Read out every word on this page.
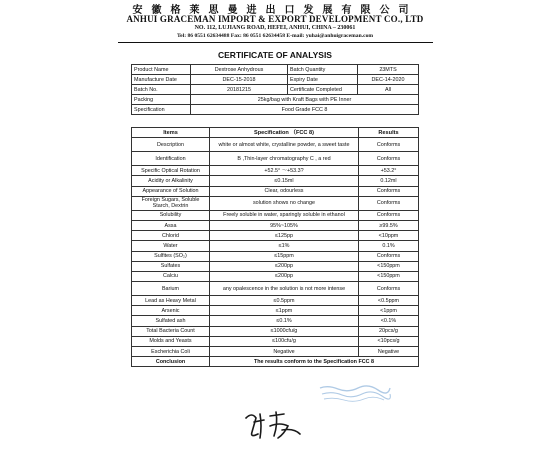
安徽格莱思曼进出口发展有限公司
ANHUI GRACEMAN IMPORT & EXPORT DEVELOPMENT CO., LTD
NO. 112, LUJIANG ROAD, HEFEI, ANHUI, CHINA – 230061
Tel: 86 0551 62634488 Fax: 86 0551 62634458 E-mail: yuhai@anhuigraceman.com
CERTIFICATE OF ANALYSIS
Product Name	Dextrose Anhydrous	Batch Quantity	23MTS
Manufacture Date	DEC-15-2018	Expiry Date	DEC-14-2020
Batch No.	20181215	Certificate Completed	All
Packing	25kg/bag with Kraft Bags with PE Inner		
Specification	Food Grade FCC 8		
Items	Specification （FCC 8)	Results
Description	white or almost white, crystalline powder, a sweet taste	Conforms
Identification	B ,Thin-layer chromatography C , a red	Conforms
Specific Optical Rotation	+52.5° ～+53.3?	+53.2°
Acidity or Alkalinity	≤0.15ml	0.12ml
Appearance of Solution	Clear, odourless	Conforms
Foreign Sugars, Soluble Starch, Dextrin	solution shows no change	Conforms
Solubility	Freely soluble in water, sparingly soluble in ethanol	Conforms
Assa	95%~105%	≥99.5%
Chlorid	≤125pp	<10ppm
Water	≤1%	0.1%
Sulfites (SO₂)	≤15ppm	Conforms
Sulfates	≤200pp	<150ppm
Calciu	≤200pp	<150ppm
Barium	any opalescence in the solution is not more intense	Conforms
Lead as Heavy Metal	≤0.5ppm	<0.5ppm
Arsenic	≤1ppm	<1ppm
Sulfated ash	≤0.1%	<0.1%
Total Bacteria Count	≤1000cfu/g	20pcs/g
Molds and Yeasts	≤100cfu/g	<10pcs/g
Escherichia Coli	Negative	Negative
Conclusion	The results conform to the Specification FCC 8	
